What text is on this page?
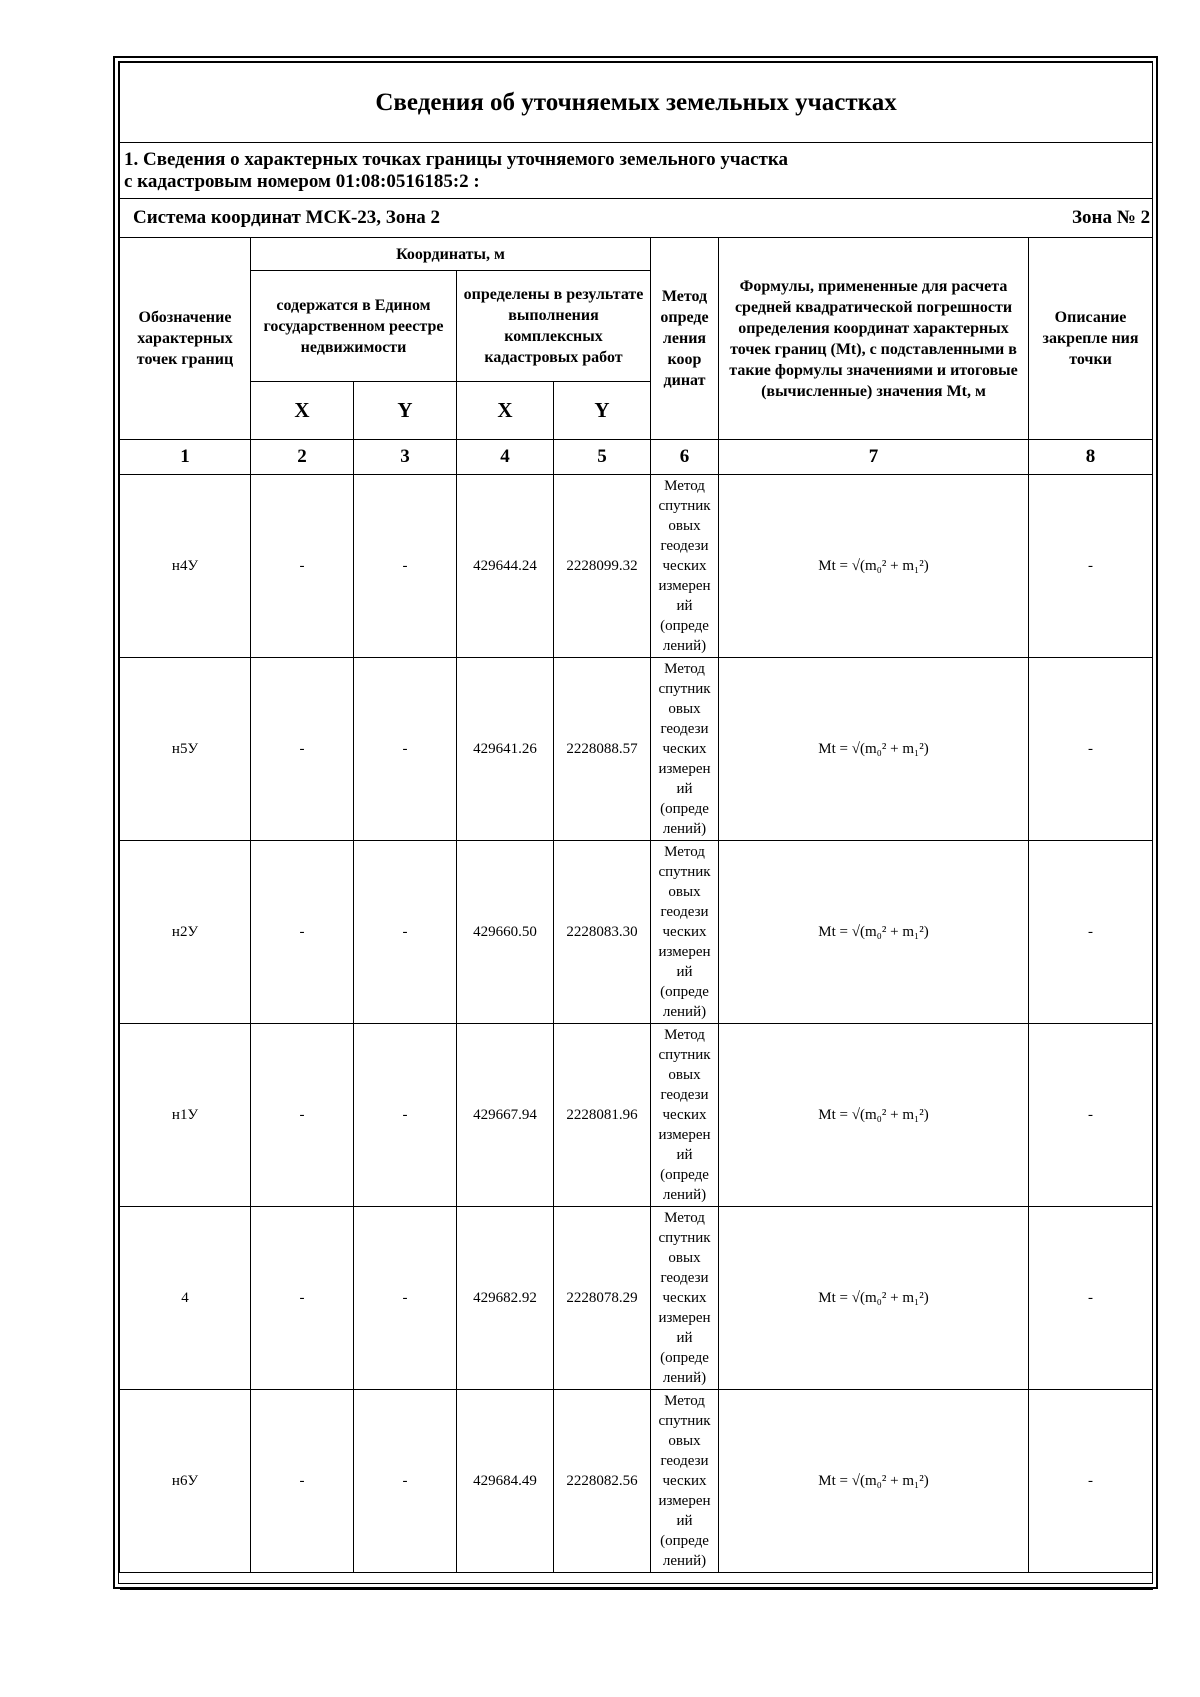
Сведения об уточняемых земельных участках							

1. Сведения о характерных точках границы уточняемого земельного участка
с кадастровым номером 01:08:0516185:2 :							

Система координат МСК-23, Зона 2 Зона № 2							

Обозначение характерных точек границ	Координаты, м				Метод опреде ления коор динат	Формулы, примененные для расчета средней квадратической погрешности определения координат характерных точек границ (Mt), с подставленными в такие формулы значениями и итоговые (вычисленные) значения Mt, м	Описание закрепле ния точки
	содержатся в Едином государственном реестре недвижимости		определены в результате выполнения комплексных кадастровых работ				
	X	Y	X	Y			
1	2	3	4	5	6	7	8
н4У	-	-	429644.24	2228099.32	Метод спутник овых геодези ческих измерен ий (опреде лений)	Mt = √(m₀² + m₁²)	-
н5У	-	-	429641.26	2228088.57	Метод спутник овых геодези ческих измерен ий (опреде лений)	Mt = √(m₀² + m₁²)	-
н2У	-	-	429660.50	2228083.30	Метод спутник овых геодези ческих измерен ий (опреде лений)	Mt = √(m₀² + m₁²)	-
н1У	-	-	429667.94	2228081.96	Метод спутник овых геодези ческих измерен ий (опреде лений)	Mt = √(m₀² + m₁²)	-
4	-	-	429682.92	2228078.29	Метод спутник овых геодези ческих измерен ий (опреде лений)	Mt = √(m₀² + m₁²)	-
н6У	-	-	429684.49	2228082.56	Метод спутник овых геодези ческих измерен ий (опреде лений)	Mt = √(m₀² + m₁²)	-
